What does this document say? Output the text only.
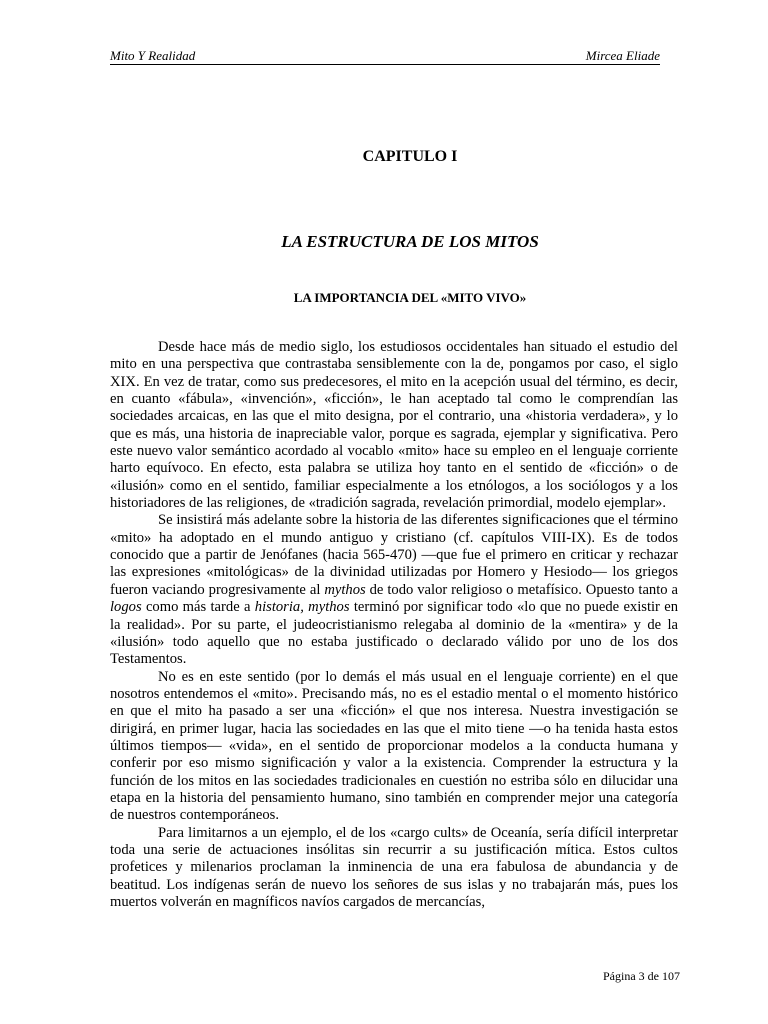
Mito Y Realidad	Mircea Eliade
CAPITULO I
LA ESTRUCTURA DE LOS MITOS
LA IMPORTANCIA DEL «MITO VIVO»

Desde hace más de medio siglo, los estudiosos occidentales han situado el estudio del mito en una perspectiva que contrastaba sensiblemente con la de, pongamos por caso, el siglo XIX. En vez de tratar, como sus predecesores, el mito en la acepción usual del término, es decir, en cuanto «fábula», «invención», «ficción», le han aceptado tal como le comprendían las sociedades arcaicas, en las que el mito designa, por el contrario, una «historia verdadera», y lo que es más, una historia de inapreciable valor, porque es sagrada, ejemplar y significativa. Pero este nuevo valor semántico acordado al vocablo «mito» hace su empleo en el lenguaje corriente harto equívoco. En efecto, esta palabra se utiliza hoy tanto en el sentido de «ficción» o de «ilusión» como en el sentido, familiar especialmente a los etnólogos, a los sociólogos y a los historiadores de las religiones, de «tradición sagrada, revelación primordial, modelo ejemplar».

Se insistirá más adelante sobre la historia de las diferentes significaciones que el término «mito» ha adoptado en el mundo antiguo y cristiano (cf. capítulos VIII-IX). Es de todos conocido que a partir de Jenófanes (hacia 565-470) —que fue el primero en criticar y rechazar las expresiones «mitológicas» de la divinidad utilizadas por Homero y Hesiodo— los griegos fueron vaciando progresivamente al mythos de todo valor religioso o metafísico. Opuesto tanto a logos como más tarde a historia, mythos terminó por significar todo «lo que no puede existir en la realidad». Por su parte, el judeocristianismo relegaba al dominio de la «mentira» y de la «ilusión» todo aquello que no estaba justificado o declarado válido por uno de los dos Testamentos.

No es en este sentido (por lo demás el más usual en el lenguaje corriente) en el que nosotros entendemos el «mito». Precisando más, no es el estadio mental o el momento histórico en que el mito ha pasado a ser una «ficción» el que nos interesa. Nuestra investigación se dirigirá, en primer lugar, hacia las sociedades en las que el mito tiene —o ha tenida hasta estos últimos tiempos— «vida», en el sentido de proporcionar modelos a la conducta humana y conferir por eso mismo significación y valor a la existencia. Comprender la estructura y la función de los mitos en las sociedades tradicionales en cuestión no estriba sólo en dilucidar una etapa en la historia del pensamiento humano, sino también en comprender mejor una categoría de nuestros contemporáneos.

Para limitarnos a un ejemplo, el de los «cargo cults» de Oceanía, sería difícil interpretar toda una serie de actuaciones insólitas sin recurrir a su justificación mítica. Estos cultos profetices y milenarios proclaman la inminencia de una era fabulosa de abundancia y de beatitud. Los indígenas serán de nuevo los señores de sus islas y no trabajarán más, pues los muertos volverán en magníficos navíos cargados de mercancías,

Página 3 de 107
